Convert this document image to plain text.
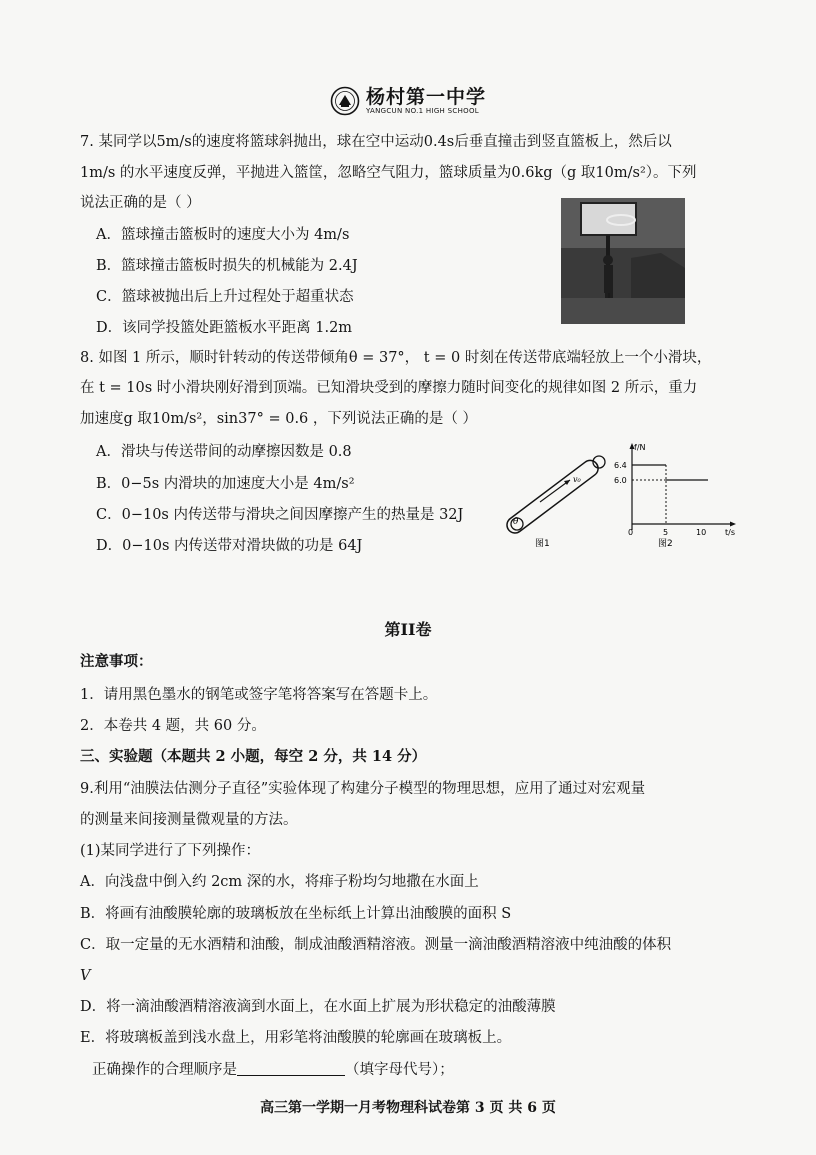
杨村第一中学
YANGCUN NO.1 HIGH SCHOOL
7. 某同学以5m/s的速度将篮球斜抛出，球在空中运动0.4s后垂直撞击到竖直篮板上，然后以
1m/s 的水平速度反弹，平抛进入篮筐，忽略空气阻力，篮球质量为0.6kg（g 取10m/s²）。下列
说法正确的是（ ）
A．篮球撞击篮板时的速度大小为 4m/s
B．篮球撞击篮板时损失的机械能为 2.4J
C．篮球被抛出后上升过程处于超重状态
D．该同学投篮处距篮板水平距离 1.2m
8. 如图 1 所示，顺时针转动的传送带倾角θ = 37°， t = 0 时刻在传送带底端轻放上一个小滑块，
在 t = 10s 时小滑块刚好滑到顶端。已知滑块受到的摩擦力随时间变化的规律如图 2 所示，重力
加速度g 取10m/s²，sin37° = 0.6 ，下列说法正确的是（ ）
A．滑块与传送带间的动摩擦因数是 0.8
B．0−5s 内滑块的加速度大小是 4m/s²
C．0−10s 内传送带与滑块之间因摩擦产生的热量是 32J
D．0−10s 内传送带对滑块做的功是 64J
v₀
θ
图1
f/N
t/s
6.4
6.0
0	5	10
图2
第II卷
注意事项：
1．请用黑色墨水的钢笔或签字笔将答案写在答题卡上。
2．本卷共 4 题，共 60 分。
三、实验题（本题共 2 小题，每空 2 分，共 14 分）
9.利用“油膜法估测分子直径”实验体现了构建分子模型的物理思想，应用了通过对宏观量
的测量来间接测量微观量的方法。
(1)某同学进行了下列操作：
A．向浅盘中倒入约 2cm 深的水，将痱子粉均匀地撒在水面上
B．将画有油酸膜轮廓的玻璃板放在坐标纸上计算出油酸膜的面积 S
C．取一定量的无水酒精和油酸，制成油酸酒精溶液。测量一滴油酸酒精溶液中纯油酸的体积
V
D．将一滴油酸酒精溶液滴到水面上，在水面上扩展为形状稳定的油酸薄膜
E．将玻璃板盖到浅水盘上，用彩笔将油酸膜的轮廓画在玻璃板上。
正确操作的合理顺序是	（填字母代号）；
高三第一学期一月考物理科试卷第 3 页 共 6 页
